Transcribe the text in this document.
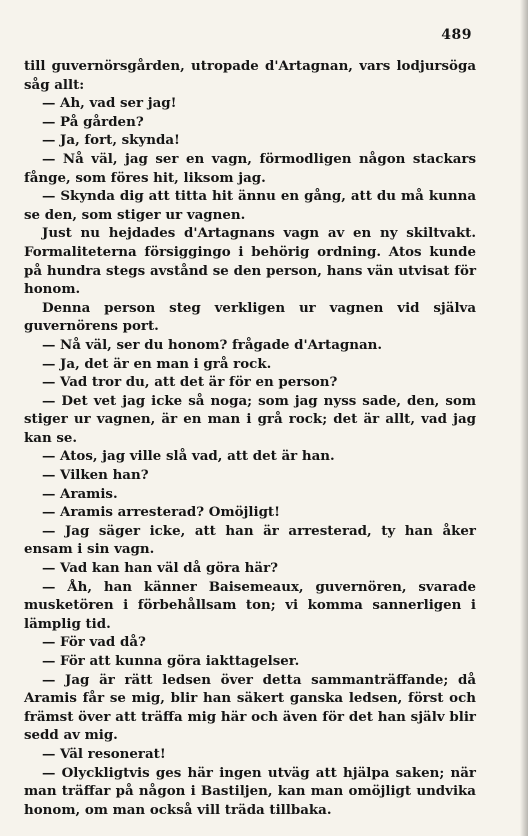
489

till guvernörsgården, utropade d'Artagnan, vars lodjursöga såg allt:

— Ah, vad ser jag!

— På gården?

— Ja, fort, skynda!

— Nå väl, jag ser en vagn, förmodligen någon stackars fånge, som föres hit, liksom jag.

— Skynda dig att titta hit ännu en gång, att du må kunna se den, som stiger ur vagnen.

Just nu hejdades d'Artagnans vagn av en ny skiltvakt. Formaliteterna försiggingo i behörig ordning. Atos kunde på hundra stegs avstånd se den person, hans vän utvisat för honom.

Denna person steg verkligen ur vagnen vid själva guvernörens port.

— Nå väl, ser du honom? frågade d'Artagnan.

— Ja, det är en man i grå rock.

— Vad tror du, att det är för en person?

— Det vet jag icke så noga; som jag nyss sade, den, som stiger ur vagnen, är en man i grå rock; det är allt, vad jag kan se.

— Atos, jag ville slå vad, att det är han.

— Vilken han?

— Aramis.

— Aramis arresterad? Omöjligt!

— Jag säger icke, att han är arresterad, ty han åker ensam i sin vagn.

— Vad kan han väl då göra här?

— Åh, han känner Baisemeaux, guvernören, svarade musketören i förbehållsam ton; vi komma sannerligen i lämplig tid.

— För vad då?

— För att kunna göra iakttagelser.

— Jag är rätt ledsen över detta sammanträffande; då Aramis får se mig, blir han säkert ganska ledsen, först och främst över att träffa mig här och även för det han själv blir sedd av mig.

— Väl resonerat!

— Olyckligtvis ges här ingen utväg att hjälpa saken; när man träffar på någon i Bastiljen, kan man omöjligt undvika honom, om man också vill träda tillbaka.
